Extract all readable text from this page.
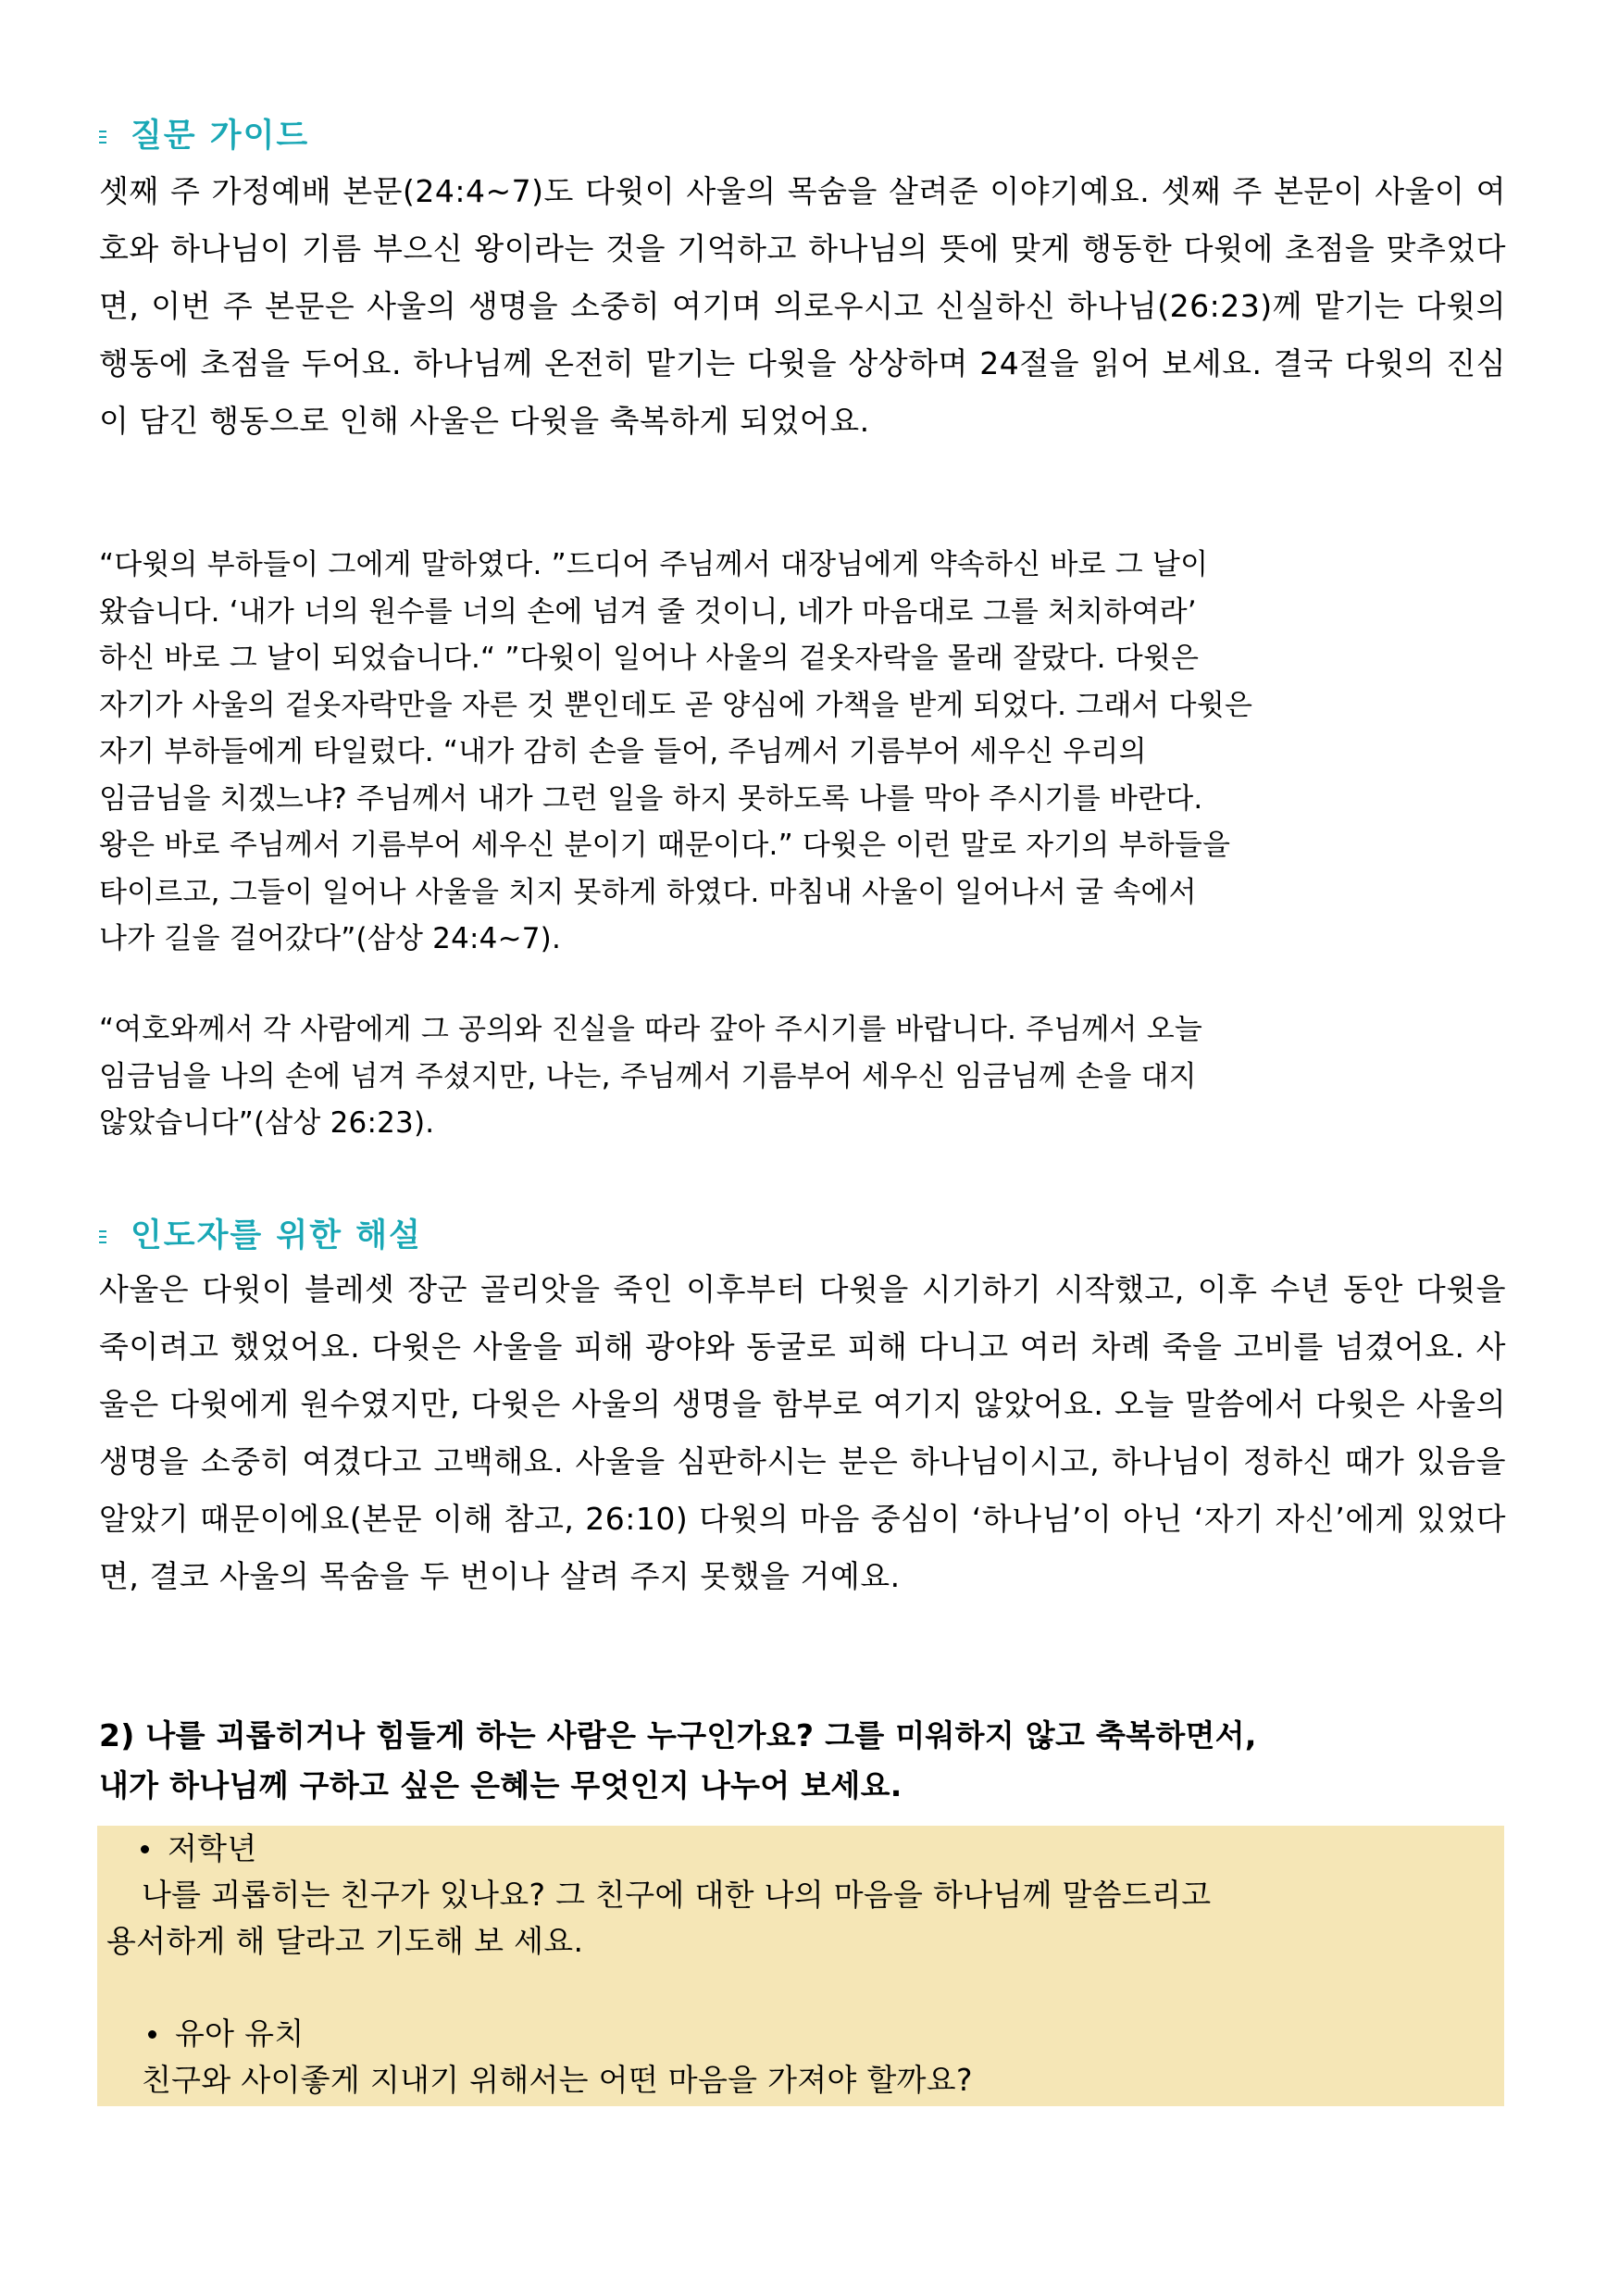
질문 가이드

셋째 주 가정예배 본문(24:4~7)도 다윗이 사울의 목숨을 살려준 이야기예요. 셋째 주 본문이 사울이 여호와 하나님이 기름 부으신 왕이라는 것을 기억하고 하나님의 뜻에 맞게 행동한 다윗에 초점을 맞추었다면, 이번 주 본문은 사울의 생명을 소중히 여기며 의로우시고 신실하신 하나님(26:23)께 맡기는 다윗의 행동에 초점을 두어요. 하나님께 온전히 맡기는 다윗을 상상하며 24절을 읽어 보세요. 결국 다윗의 진심이 담긴 행동으로 인해 사울은 다윗을 축복하게 되었어요.

“다윗의 부하들이 그에게 말하였다. ”드디어 주님께서 대장님에게 약속하신 바로 그 날이
왔습니다. ‘내가 너의 원수를 너의 손에 넘겨 줄 것이니, 네가 마음대로 그를 처치하여라’
하신 바로 그 날이 되었습니다.“ ”다윗이 일어나 사울의 겉옷자락을 몰래 잘랐다. 다윗은
자기가 사울의 겉옷자락만을 자른 것 뿐인데도 곧 양심에 가책을 받게 되었다. 그래서 다윗은
자기 부하들에게 타일렀다. “내가 감히 손을 들어, 주님께서 기름부어 세우신 우리의
임금님을 치겠느냐? 주님께서 내가 그런 일을 하지 못하도록 나를 막아 주시기를 바란다.
왕은 바로 주님께서 기름부어 세우신 분이기 때문이다.” 다윗은 이런 말로 자기의 부하들을
타이르고, 그들이 일어나 사울을 치지 못하게 하였다. 마침내 사울이 일어나서 굴 속에서
나가 길을 걸어갔다”(삼상 24:4~7).
“여호와께서 각 사람에게 그 공의와 진실을 따라 갚아 주시기를 바랍니다. 주님께서 오늘
임금님을 나의 손에 넘겨 주셨지만, 나는, 주님께서 기름부어 세우신 임금님께 손을 대지
않았습니다”(삼상 26:23).
인도자를 위한 해설

사울은 다윗이 블레셋 장군 골리앗을 죽인 이후부터 다윗을 시기하기 시작했고, 이후 수년 동안 다윗을 죽이려고 했었어요. 다윗은 사울을 피해 광야와 동굴로 피해 다니고 여러 차례 죽을 고비를 넘겼어요. 사울은 다윗에게 원수였지만, 다윗은 사울의 생명을 함부로 여기지 않았어요. 오늘 말씀에서 다윗은 사울의 생명을 소중히 여겼다고 고백해요. 사울을 심판하시는 분은 하나님이시고, 하나님이 정하신 때가 있음을 알았기 때문이에요(본문 이해 참고, 26:10) 다윗의 마음 중심이 ‘하나님’이 아닌 ‘자기 자신’에게 있었다면, 결코 사울의 목숨을 두 번이나 살려 주지 못했을 거예요.

2) 나를 괴롭히거나 힘들게 하는 사람은 누구인가요? 그를 미워하지 않고 축복하면서,
내가 하나님께 구하고 싶은 은혜는 무엇인지 나누어 보세요.
저학년
나를 괴롭히는 친구가 있나요? 그 친구에 대한 나의 마음을 하나님께 말씀드리고
용서하게 해 달라고 기도해 보 세요.
유아 유치
친구와 사이좋게 지내기 위해서는 어떤 마음을 가져야 할까요?
